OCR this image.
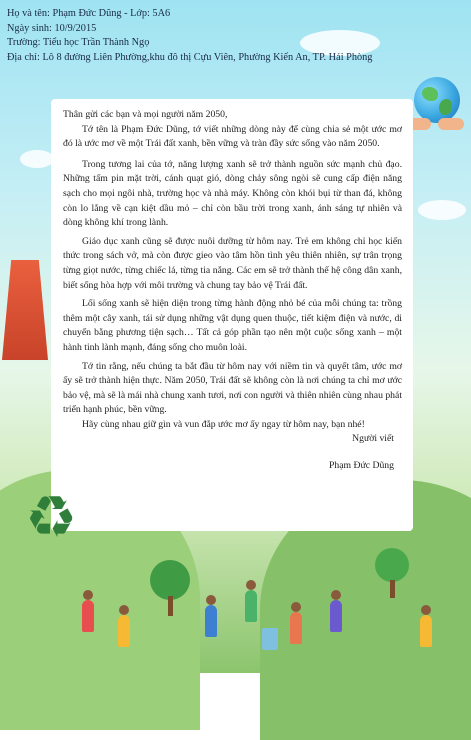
Họ và tên: Phạm Đức Dũng - Lớp: 5A6
Ngày sinh: 10/9/2015
Trường: Tiểu học Trần Thành Ngọ
Địa chỉ: Lô 8 đường Liên Phường,khu đô thị Cựu Viên, Phường Kiến An, TP. Hải Phòng

Thân gửi các bạn và mọi người năm 2050,

Tớ tên là Phạm Đức Dũng, tớ viết những dòng này để cùng chia sẻ một ước mơ đó là ước mơ về một Trái đất xanh, bền vững và tràn đầy sức sống vào năm 2050.

Trong tương lai của tớ, năng lượng xanh sẽ trở thành nguồn sức mạnh chủ đạo. Những tấm pin mặt trời, cánh quạt gió, dòng chảy sông ngòi sẽ cung cấp điện năng sạch cho mọi ngôi nhà, trường học và nhà máy. Không còn khói bụi từ than đá, không còn lo lắng về cạn kiệt dầu mỏ – chỉ còn bầu trời trong xanh, ánh sáng tự nhiên và dòng không khí trong lành.

Giáo dục xanh cũng sẽ được nuôi dưỡng từ hôm nay. Trẻ em không chỉ học kiến thức trong sách vở, mà còn được gieo vào tâm hồn tình yêu thiên nhiên, sự trân trọng từng giọt nước, từng chiếc lá, từng tia nắng. Các em sẽ trở thành thế hệ công dân xanh, biết sống hòa hợp với môi trường và chung tay bảo vệ Trái đất.

Lối sống xanh sẽ hiện diện trong từng hành động nhỏ bé của mỗi chúng ta: trồng thêm một cây xanh, tái sử dụng những vật dụng quen thuộc, tiết kiệm điện và nước, di chuyển bằng phương tiện sạch… Tất cả góp phần tạo nên một cuộc sống xanh – một hành tinh lành mạnh, đáng sống cho muôn loài.

Tớ tin rằng, nếu chúng ta bắt đầu từ hôm nay với niềm tin và quyết tâm, ước mơ ấy sẽ trở thành hiện thực. Năm 2050, Trái đất sẽ không còn là nơi chúng ta chỉ mơ ước bảo vệ, mà sẽ là mái nhà chung xanh tươi, nơi con người và thiên nhiên cùng nhau phát triển hạnh phúc, bền vững.

Hãy cùng nhau giữ gìn và vun đắp ước mơ ấy ngay từ hôm nay, bạn nhé!

Người viết

Phạm Đức Dũng

♻
